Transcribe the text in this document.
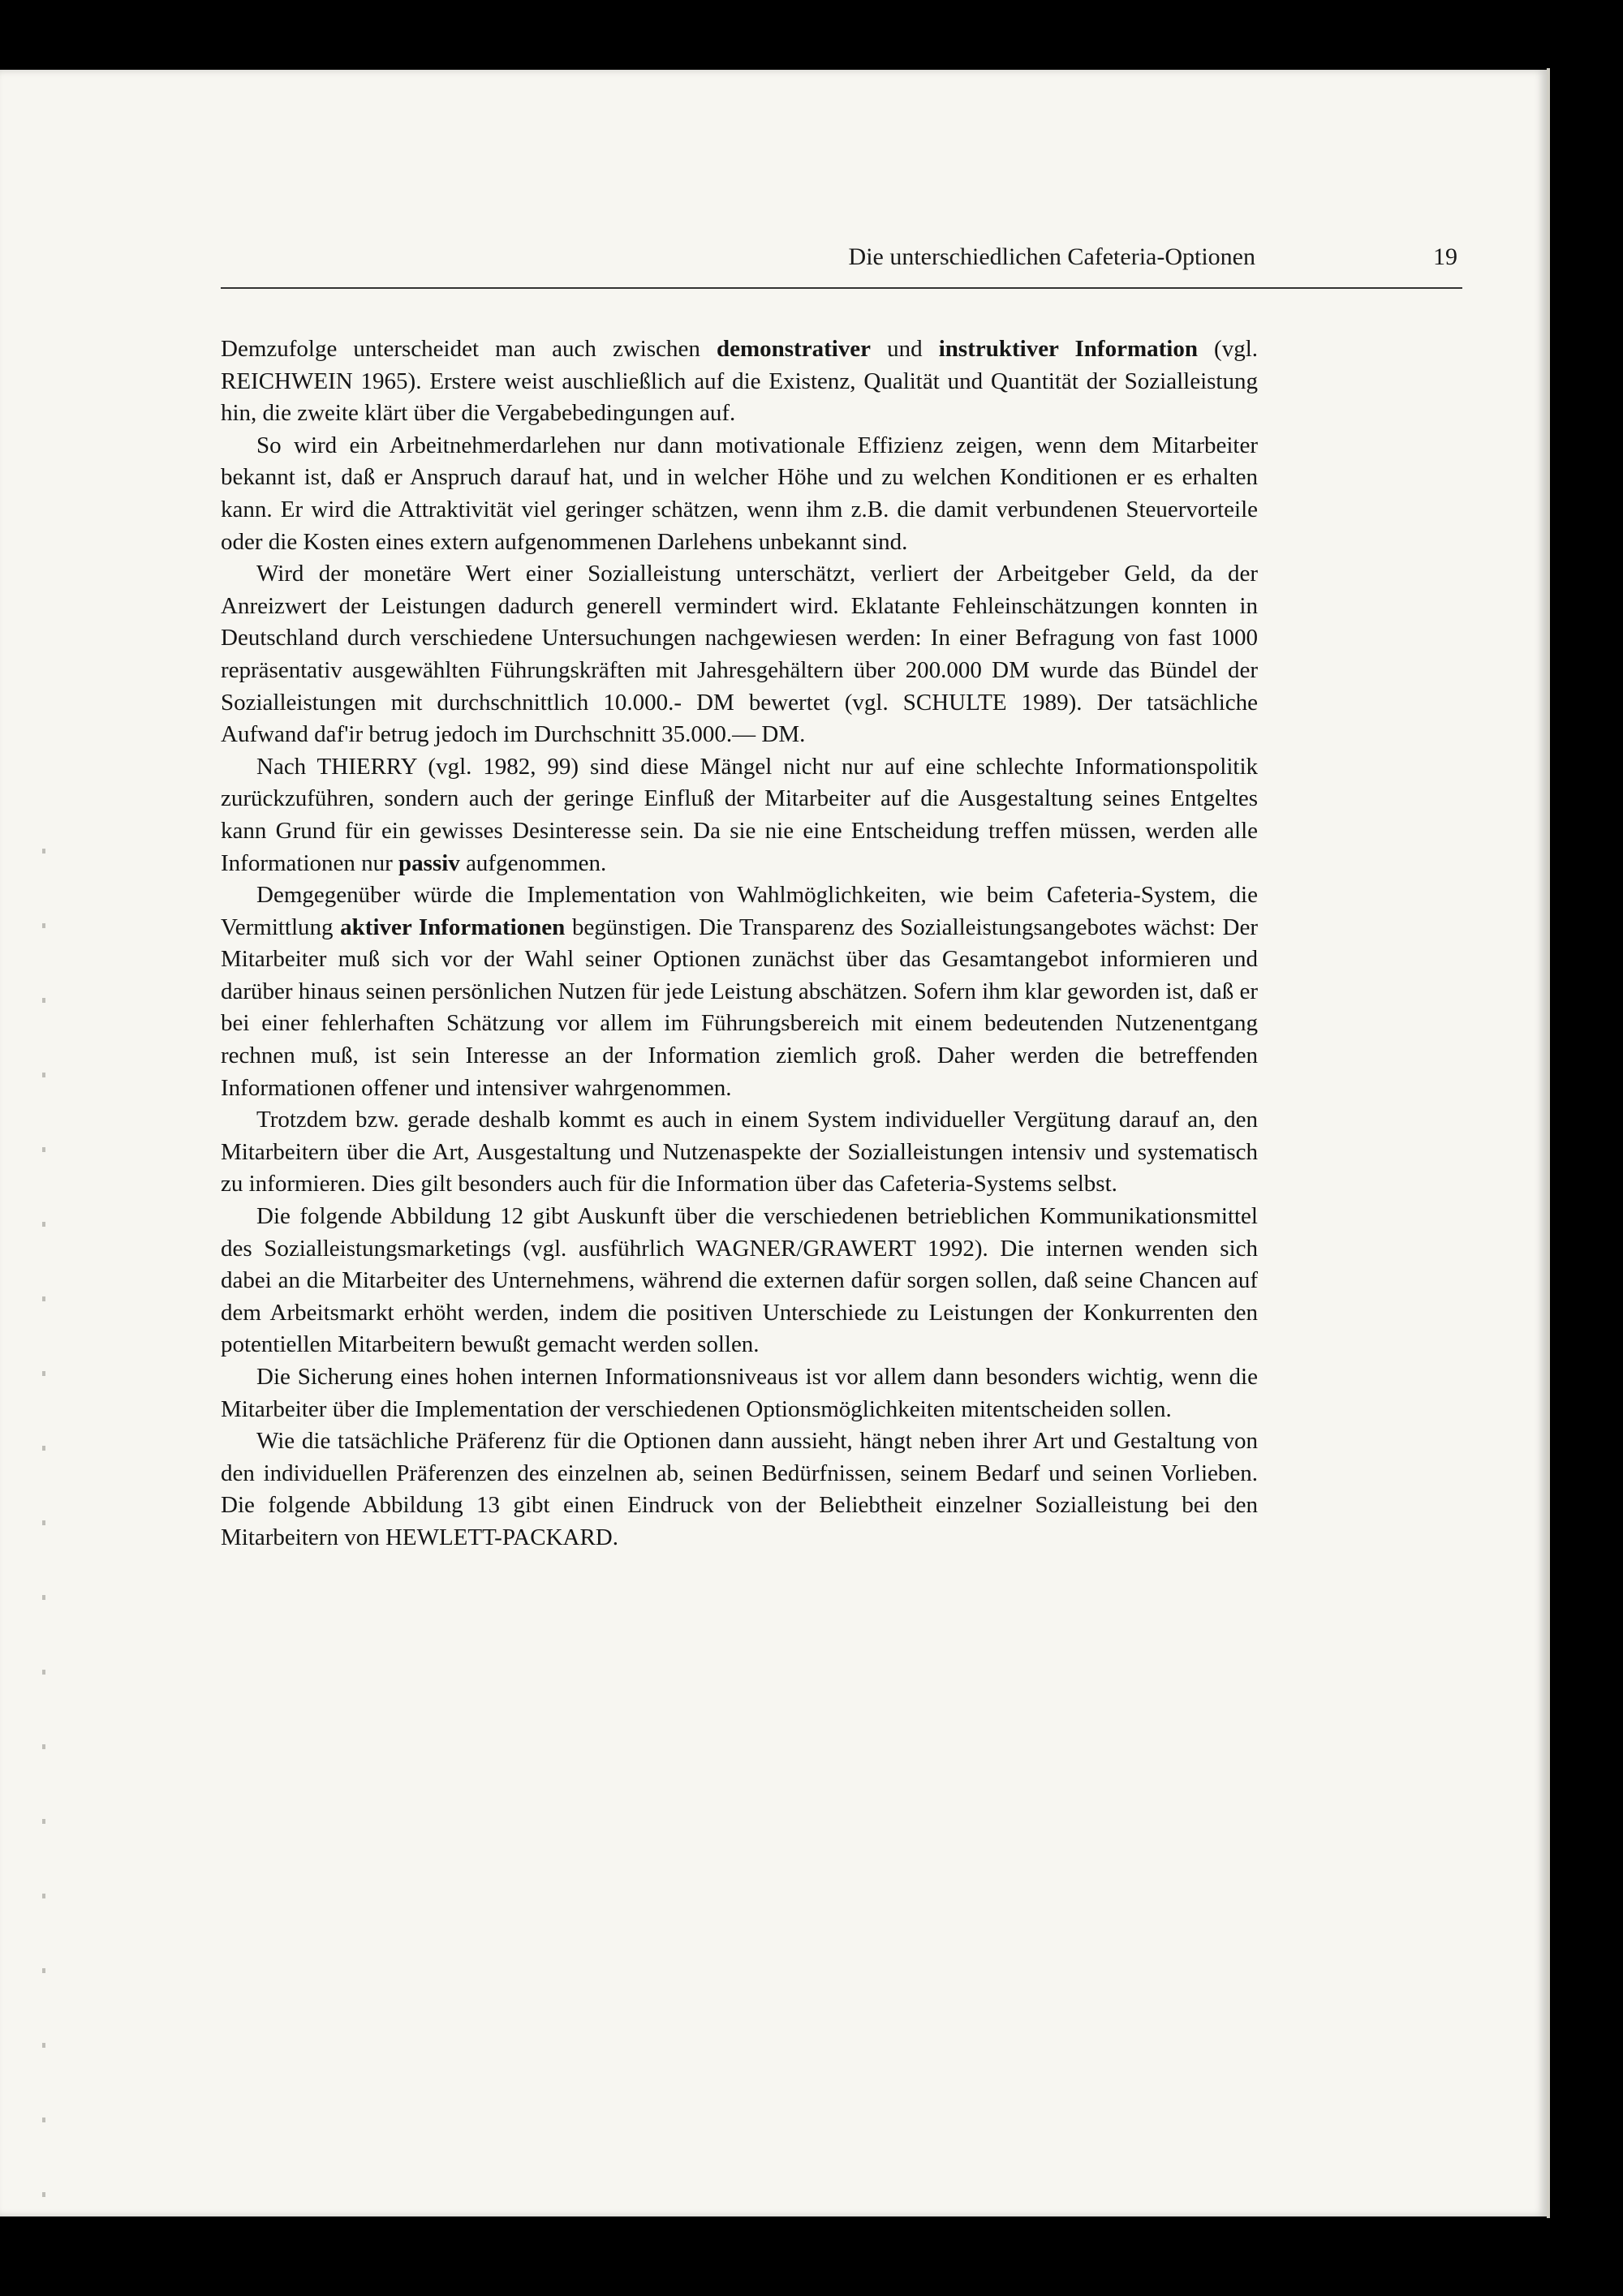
Die unterschiedlichen Cafeteria-Optionen	19

Demzufolge unterscheidet man auch zwischen demonstrativer und instruktiver Information (vgl. REICHWEIN 1965). Erstere weist auschließlich auf die Existenz, Qualität und Quantität der Sozialleistung hin, die zweite klärt über die Vergabebedingungen auf.

So wird ein Arbeitnehmerdarlehen nur dann motivationale Effizienz zeigen, wenn dem Mitarbeiter bekannt ist, daß er Anspruch darauf hat, und in welcher Höhe und zu welchen Konditionen er es erhalten kann. Er wird die Attraktivität viel geringer schätzen, wenn ihm z.B. die damit verbundenen Steuervorteile oder die Kosten eines extern aufgenommenen Darlehens unbekannt sind.

Wird der monetäre Wert einer Sozialleistung unterschätzt, verliert der Arbeitgeber Geld, da der Anreizwert der Leistungen dadurch generell vermindert wird. Eklatante Fehleinschätzungen konnten in Deutschland durch verschiedene Untersuchungen nachgewiesen werden: In einer Befragung von fast 1000 repräsentativ ausgewählten Führungskräften mit Jahresgehältern über 200.000 DM wurde das Bündel der Sozialleistungen mit durchschnittlich 10.000.- DM bewertet (vgl. SCHULTE 1989). Der tatsächliche Aufwand daf'ir betrug jedoch im Durchschnitt 35.000.— DM.

Nach THIERRY (vgl. 1982, 99) sind diese Mängel nicht nur auf eine schlechte Informationspolitik zurückzuführen, sondern auch der geringe Einfluß der Mitarbeiter auf die Ausgestaltung seines Entgeltes kann Grund für ein gewisses Desinteresse sein. Da sie nie eine Entscheidung treffen müssen, werden alle Informationen nur passiv aufgenommen.

Demgegenüber würde die Implementation von Wahlmöglichkeiten, wie beim Cafeteria-System, die Vermittlung aktiver Informationen begünstigen. Die Transparenz des Sozialleistungsangebotes wächst: Der Mitarbeiter muß sich vor der Wahl seiner Optionen zunächst über das Gesamtangebot informieren und darüber hinaus seinen persönlichen Nutzen für jede Leistung abschätzen. Sofern ihm klar geworden ist, daß er bei einer fehlerhaften Schätzung vor allem im Führungsbereich mit einem bedeutenden Nutzenentgang rechnen muß, ist sein Interesse an der Information ziemlich groß. Daher werden die betreffenden Informationen offener und intensiver wahrgenommen.

Trotzdem bzw. gerade deshalb kommt es auch in einem System individueller Vergütung darauf an, den Mitarbeitern über die Art, Ausgestaltung und Nutzenaspekte der Sozialleistungen intensiv und systematisch zu informieren. Dies gilt besonders auch für die Information über das Cafeteria-Systems selbst.

Die folgende Abbildung 12 gibt Auskunft über die verschiedenen betrieblichen Kommunikationsmittel des Sozialleistungsmarketings (vgl. ausführlich WAGNER/GRAWERT 1992). Die internen wenden sich dabei an die Mitarbeiter des Unternehmens, während die externen dafür sorgen sollen, daß seine Chancen auf dem Arbeitsmarkt erhöht werden, indem die positiven Unterschiede zu Leistungen der Konkurrenten den potentiellen Mitarbeitern bewußt gemacht werden sollen.

Die Sicherung eines hohen internen Informationsniveaus ist vor allem dann besonders wichtig, wenn die Mitarbeiter über die Implementation der verschiedenen Optionsmöglichkeiten mitentscheiden sollen.

Wie die tatsächliche Präferenz für die Optionen dann aussieht, hängt neben ihrer Art und Gestaltung von den individuellen Präferenzen des einzelnen ab, seinen Bedürfnissen, seinem Bedarf und seinen Vorlieben. Die folgende Abbildung 13 gibt einen Eindruck von der Beliebtheit einzelner Sozialleistung bei den Mitarbeitern von HEWLETT-PACKARD.
